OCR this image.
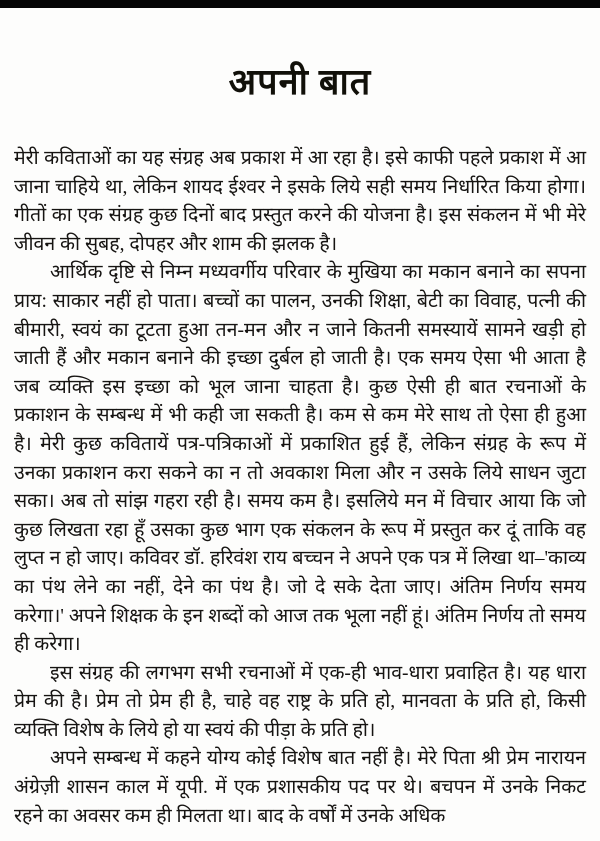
अपनी बात

मेरी कविताओं का यह संग्रह अब प्रकाश में आ रहा है। इसे काफी पहले प्रकाश में आ जाना चाहिये था, लेकिन शायद ईश्वर ने इसके लिये सही समय निर्धारित किया होगा। गीतों का एक संग्रह कुछ दिनों बाद प्रस्तुत करने की योजना है। इस संकलन में भी मेरे जीवन की सुबह, दोपहर और शाम की झलक है।

आर्थिक दृष्टि से निम्न मध्यवर्गीय परिवार के मुखिया का मकान बनाने का सपना प्राय: साकार नहीं हो पाता। बच्चों का पालन, उनकी शिक्षा, बेटी का विवाह, पत्नी की बीमारी, स्वयं का टूटता हुआ तन-मन और न जाने कितनी समस्यायें सामने खड़ी हो जाती हैं और मकान बनाने की इच्छा दुर्बल हो जाती है। एक समय ऐसा भी आता है जब व्यक्ति इस इच्छा को भूल जाना चाहता है। कुछ ऐसी ही बात रचनाओं के प्रकाशन के सम्बन्ध में भी कही जा सकती है। कम से कम मेरे साथ तो ऐसा ही हुआ है। मेरी कुछ कवितायें पत्र-पत्रिकाओं में प्रकाशित हुई हैं, लेकिन संग्रह के रूप में उनका प्रकाशन करा सकने का न तो अवकाश मिला और न उसके लिये साधन जुटा सका। अब तो सांझ गहरा रही है। समय कम है। इसलिये मन में विचार आया कि जो कुछ लिखता रहा हूँ उसका कुछ भाग एक संकलन के रूप में प्रस्तुत कर दूं ताकि वह लुप्त न हो जाए। कविवर डॉ. हरिवंश राय बच्चन ने अपने एक पत्र में लिखा था–'काव्य का पंथ लेने का नहीं, देने का पंथ है। जो दे सके देता जाए। अंतिम निर्णय समय करेगा।' अपने शिक्षक के इन शब्दों को आज तक भूला नहीं हूं। अंतिम निर्णय तो समय ही करेगा।

इस संग्रह की लगभग सभी रचनाओं में एक-ही भाव-धारा प्रवाहित है। यह धारा प्रेम की है। प्रेम तो प्रेम ही है, चाहे वह राष्ट्र के प्रति हो, मानवता के प्रति हो, किसी व्यक्ति विशेष के लिये हो या स्वयं की पीड़ा के प्रति हो।

अपने सम्बन्ध में कहने योग्य कोई विशेष बात नहीं है। मेरे पिता श्री प्रेम नारायन अंग्रेज़ी शासन काल में यूपी. में एक प्रशासकीय पद पर थे। बचपन में उनके निकट रहने का अवसर कम ही मिलता था। बाद के वर्षों में उनके अधिक
